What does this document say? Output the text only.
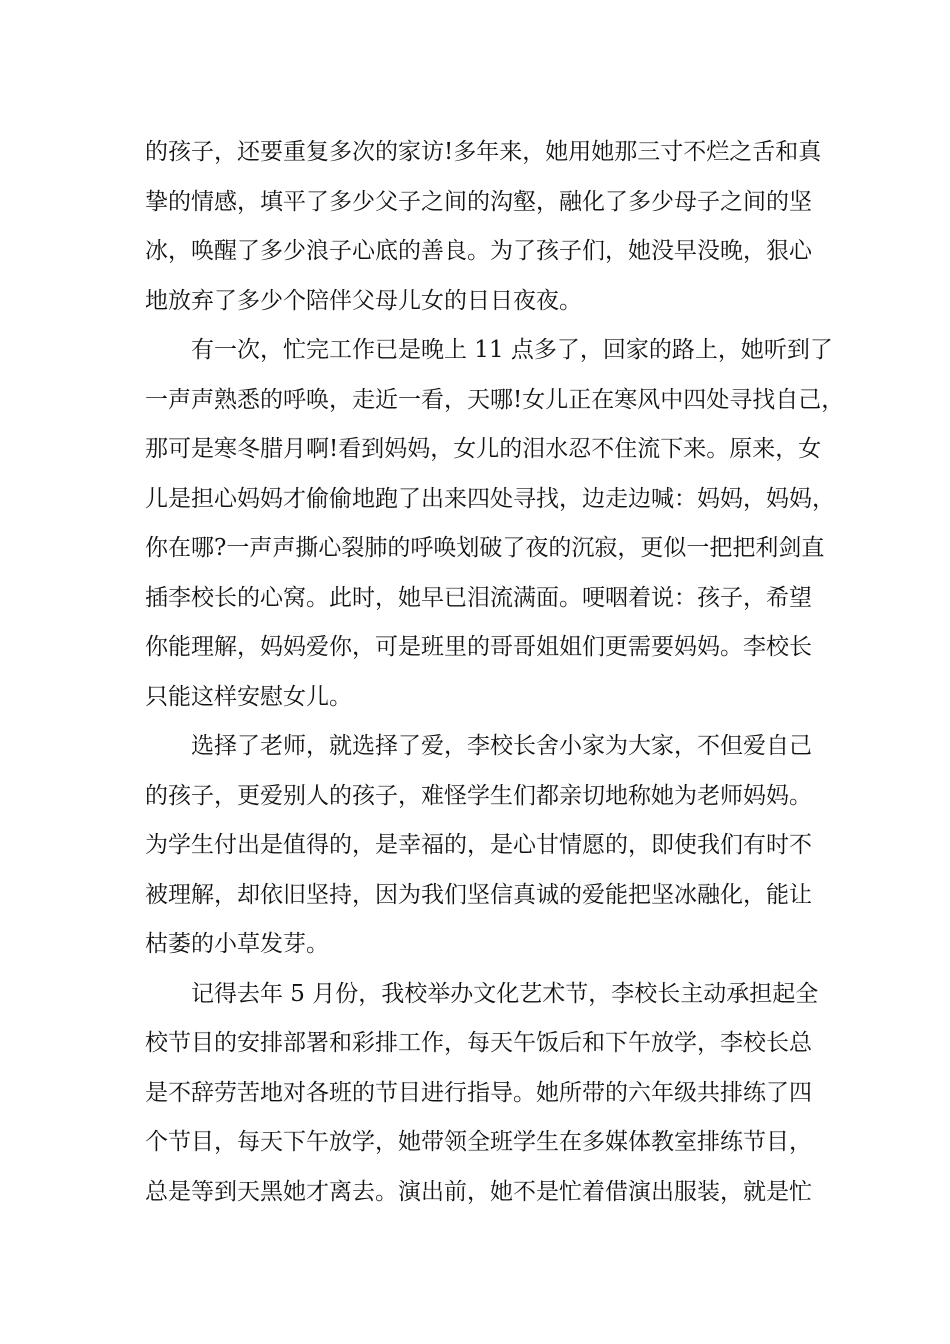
的孩子，还要重复多次的家访!多年来，她用她那三寸不烂之舌和真
挚的情感，填平了多少父子之间的沟壑，融化了多少母子之间的坚
冰，唤醒了多少浪子心底的善良。为了孩子们，她没早没晚，狠心
地放弃了多少个陪伴父母儿女的日日夜夜。
　　有一次，忙完工作已是晚上 11 点多了，回家的路上，她听到了
一声声熟悉的呼唤，走近一看，天哪!女儿正在寒风中四处寻找自己，
那可是寒冬腊月啊!看到妈妈，女儿的泪水忍不住流下来。原来，女
儿是担心妈妈才偷偷地跑了出来四处寻找，边走边喊：妈妈，妈妈，
你在哪?一声声撕心裂肺的呼唤划破了夜的沉寂，更似一把把利剑直
插李校长的心窝。此时，她早已泪流满面。哽咽着说：孩子，希望
你能理解，妈妈爱你，可是班里的哥哥姐姐们更需要妈妈。李校长
只能这样安慰女儿。
　　选择了老师，就选择了爱，李校长舍小家为大家，不但爱自己
的孩子，更爱别人的孩子，难怪学生们都亲切地称她为老师妈妈。
为学生付出是值得的，是幸福的，是心甘情愿的，即使我们有时不
被理解，却依旧坚持，因为我们坚信真诚的爱能把坚冰融化，能让
枯萎的小草发芽。
　　记得去年 5 月份，我校举办文化艺术节，李校长主动承担起全
校节目的安排部署和彩排工作，每天午饭后和下午放学，李校长总
是不辞劳苦地对各班的节目进行指导。她所带的六年级共排练了四
个节目，每天下午放学，她带领全班学生在多媒体教室排练节目，
总是等到天黑她才离去。演出前，她不是忙着借演出服装，就是忙
